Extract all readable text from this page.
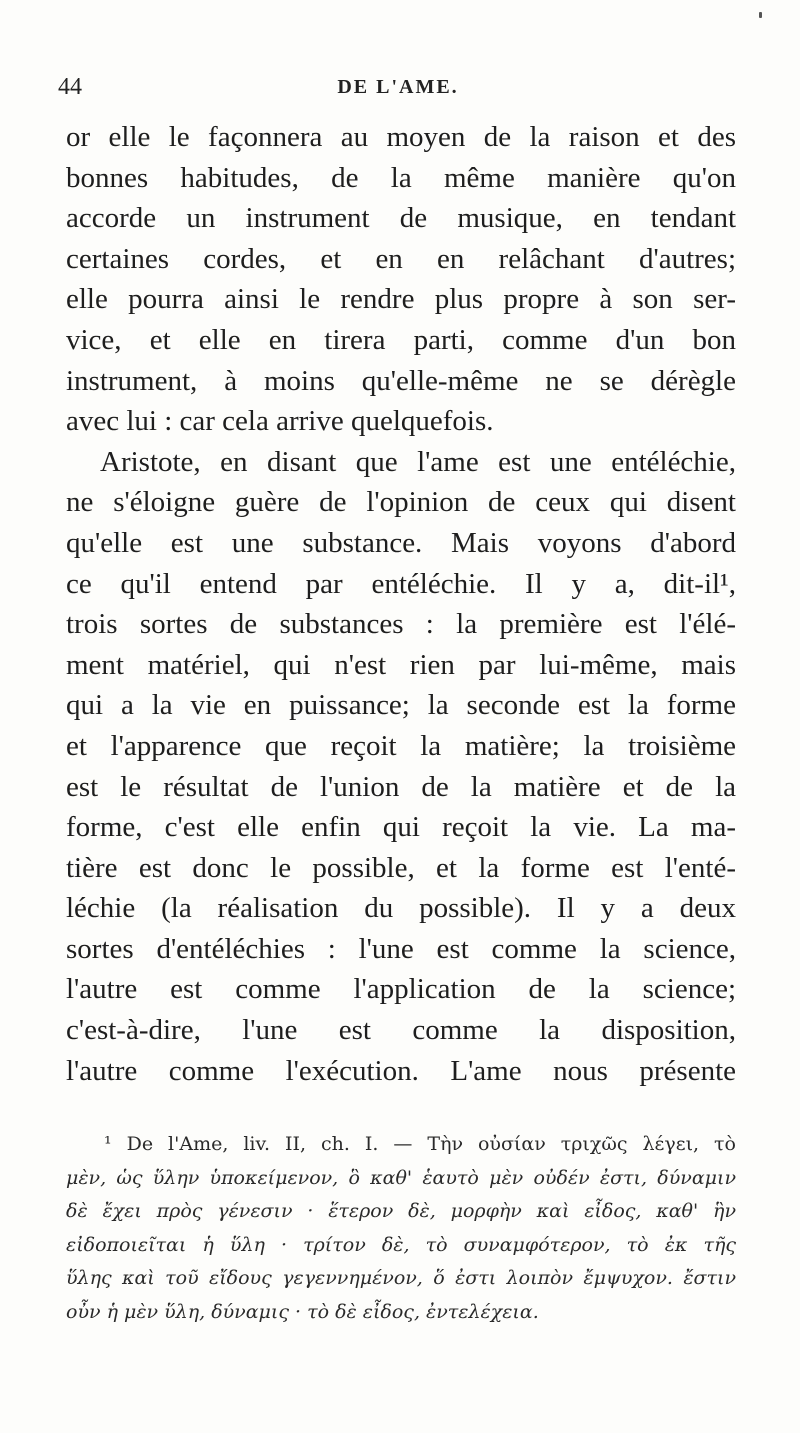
44	DE L'AME.
or elle le façonnera au moyen de la raison et des
bonnes habitudes, de la même manière qu'on
accorde un instrument de musique, en tendant
certaines cordes, et en en relâchant d'autres;
elle pourra ainsi le rendre plus propre à son ser-
vice, et elle en tirera parti, comme d'un bon
instrument, à moins qu'elle-même ne se dérègle
avec lui : car cela arrive quelquefois.
Aristote, en disant que l'ame est une entéléchie,
ne s'éloigne guère de l'opinion de ceux qui disent
qu'elle est une substance. Mais voyons d'abord
ce qu'il entend par entéléchie. Il y a, dit-il¹,
trois sortes de substances : la première est l'élé-
ment matériel, qui n'est rien par lui-même, mais
qui a la vie en puissance; la seconde est la forme
et l'apparence que reçoit la matière; la troisième
est le résultat de l'union de la matière et de la
forme, c'est elle enfin qui reçoit la vie. La ma-
tière est donc le possible, et la forme est l'enté-
léchie (la réalisation du possible). Il y a deux
sortes d'entéléchies : l'une est comme la science,
l'autre est comme l'application de la science;
c'est-à-dire, l'une est comme la disposition,
l'autre comme l'exécution. L'ame nous présente
¹ De l'Ame, liv. II, ch. I. — Τὴν οὐσίαν τριχῶς λέγει, τὸ
μὲν, ὡς ὕλην ὑποκείμενον, ὃ καθ' ἑαυτὸ μὲν οὐδέν ἐστι, δύναμιν
δὲ ἔχει πρὸς γένεσιν · ἕτερον δὲ, μορφὴν καὶ εἶδος, καθ' ἣν
εἰδοποιεῖται ἡ ὕλη · τρίτον δὲ, τὸ συναμφότερον, τὸ ἐκ τῆς
ὕλης καὶ τοῦ εἴδους γεγεννημένον, ὅ ἐστι λοιπὸν ἔμψυχον. ἔστιν
οὖν ἡ μὲν ὕλη, δύναμις · τὸ δὲ εἶδος, ἐντελέχεια.
